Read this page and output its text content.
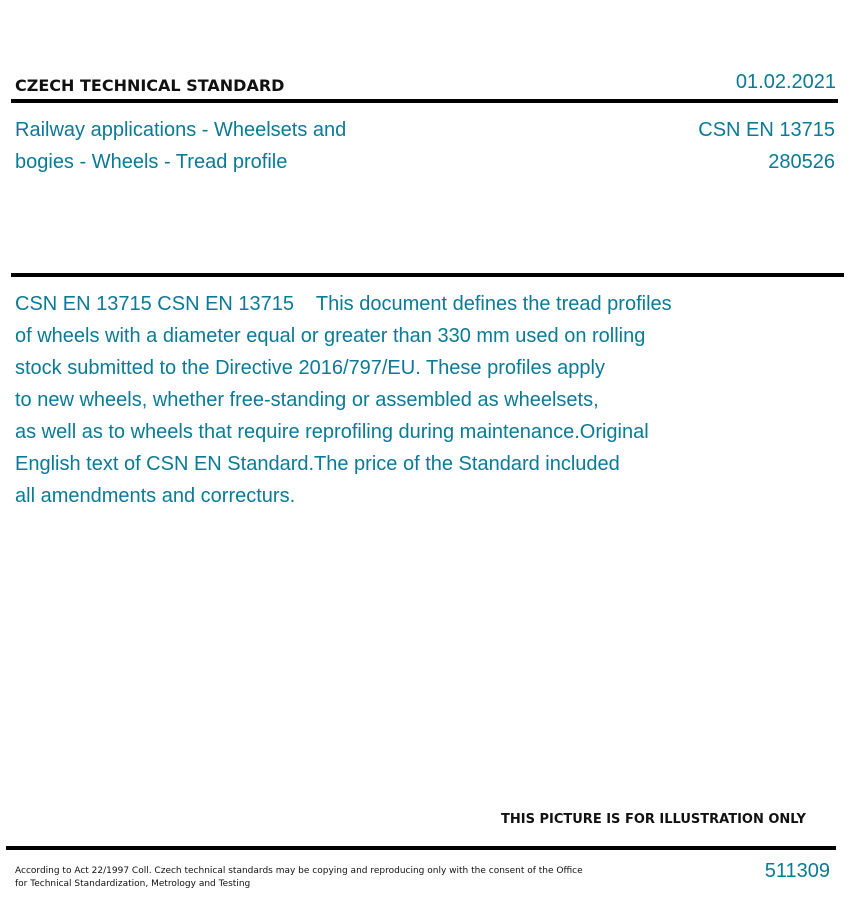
CZECH TECHNICAL STANDARD	01.02.2021
Railway applications - Wheelsets and
bogies - Wheels - Tread profile
CSN EN 13715
280526
CSN EN 13715 CSN EN 13715    This document defines the tread profiles
of wheels with a diameter equal or greater than 330 mm used on rolling
stock submitted to the Directive 2016/797/EU. These profiles apply
to new wheels, whether free-standing or assembled as wheelsets,
as well as to wheels that require reprofiling during maintenance.Original
English text of CSN EN Standard.The price of the Standard included
all amendments and correcturs.
THIS PICTURE IS FOR ILLUSTRATION ONLY
According to Act 22/1997 Coll. Czech technical standards may be copying and reproducing only with the consent of the Office
for Technical Standardization, Metrology and Testing
511309
